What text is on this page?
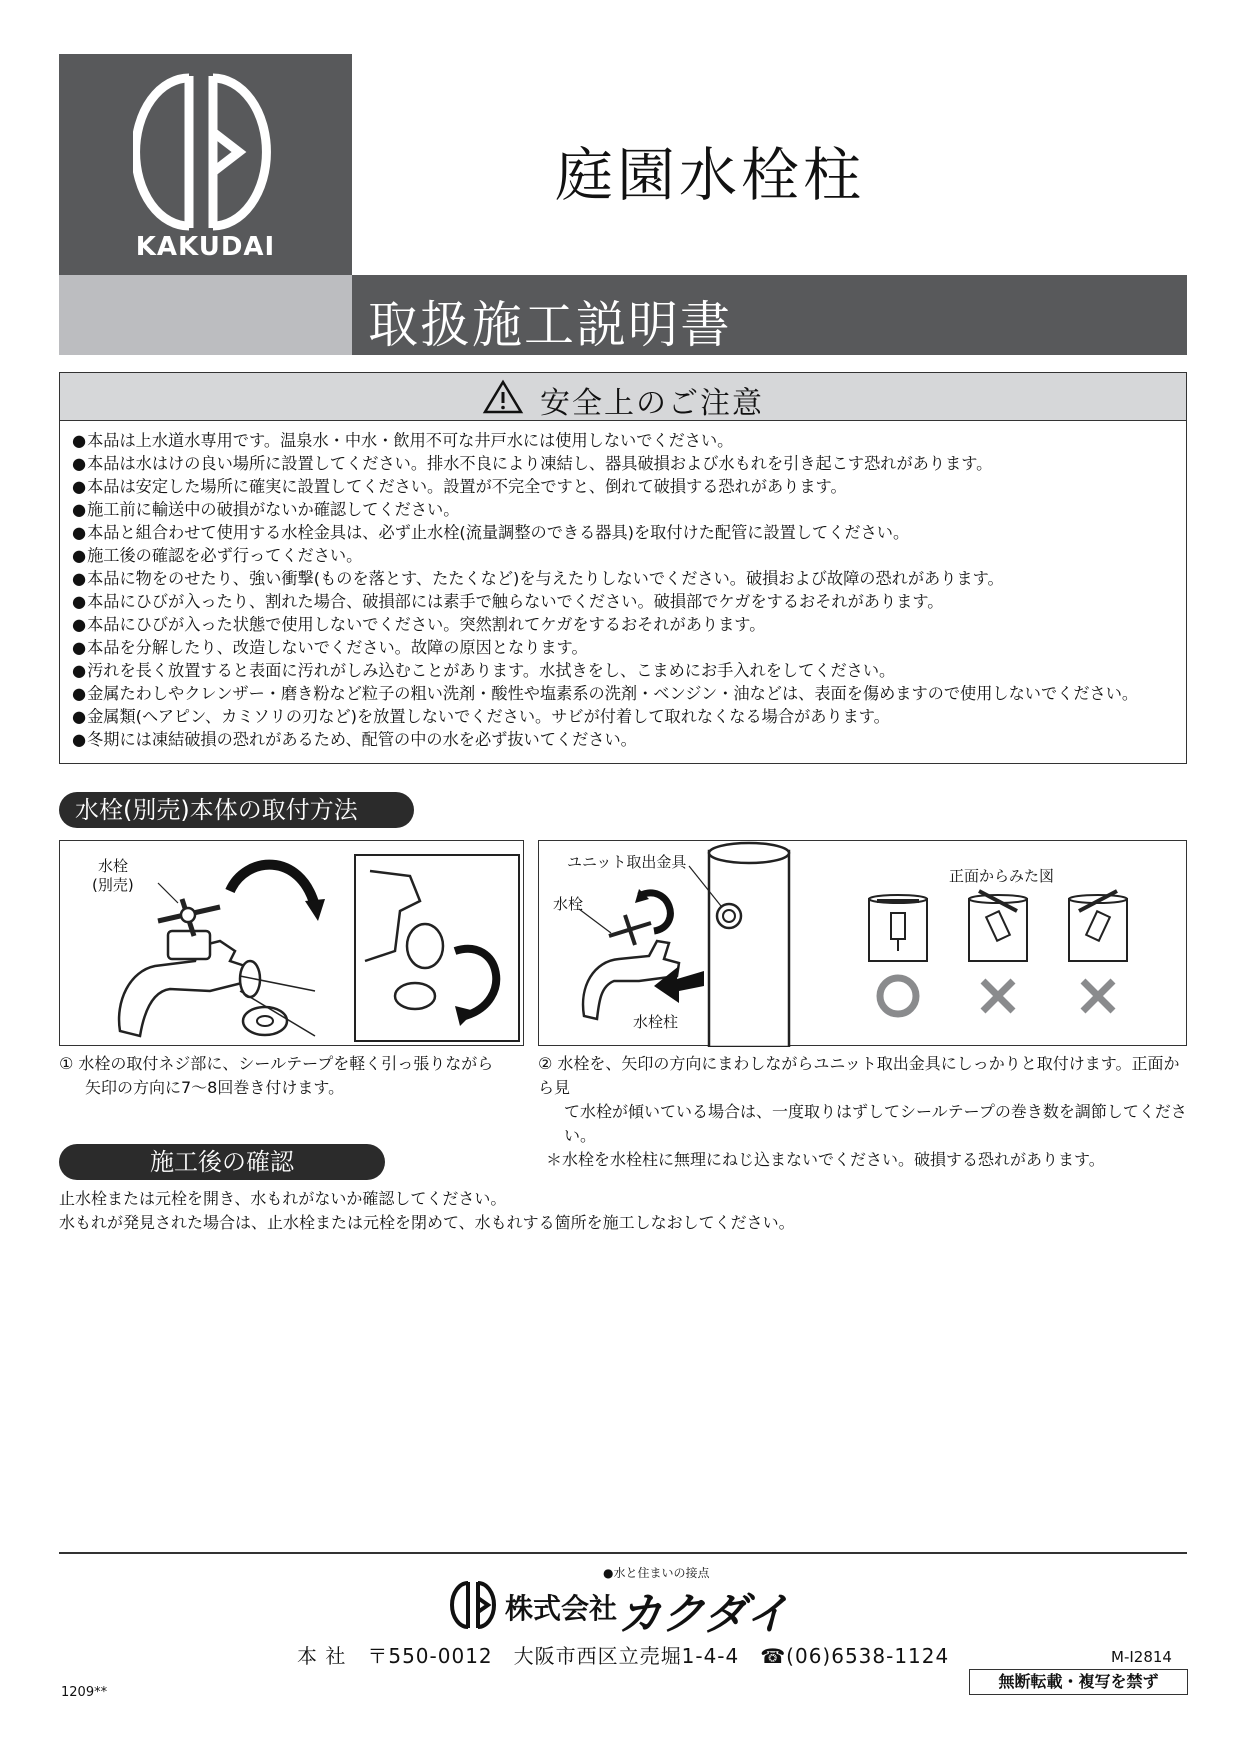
KAKUDAI
庭園水栓柱
取扱施工説明書
安全上のご注意
● 本品は上水道水専用です。温泉水・中水・飲用不可な井戸水には使用しないでください。
● 本品は水はけの良い場所に設置してください。排水不良により凍結し、器具破損および水もれを引き起こす恐れがあります。
● 本品は安定した場所に確実に設置してください。設置が不完全ですと、倒れて破損する恐れがあります。
● 施工前に輸送中の破損がないか確認してください。
● 本品と組合わせて使用する水栓金具は、必ず止水栓(流量調整のできる器具)を取付けた配管に設置してください。
● 施工後の確認を必ず行ってください。
● 本品に物をのせたり、強い衝撃(ものを落とす、たたくなど)を与えたりしないでください。破損および故障の恐れがあります。
● 本品にひびが入ったり、割れた場合、破損部には素手で触らないでください。破損部でケガをするおそれがあります。
● 本品にひびが入った状態で使用しないでください。突然割れてケガをするおそれがあります。
● 本品を分解したり、改造しないでください。故障の原因となります。
● 汚れを長く放置すると表面に汚れがしみ込むことがあります。水拭きをし、こまめにお手入れをしてください。
● 金属たわしやクレンザー・磨き粉など粒子の粗い洗剤・酸性や塩素系の洗剤・ベンジン・油などは、表面を傷めますので使用しないでください。
● 金属類(ヘアピン、カミソリの刃など)を放置しないでください。サビが付着して取れなくなる場合があります。
● 冬期には凍結破損の恐れがあるため、配管の中の水を必ず抜いてください。
水栓(別売)本体の取付方法
水栓
(別売)
ユニット取出金具
水栓
水栓柱
正面からみた図
① 水栓の取付ネジ部に、シールテープを軽く引っ張りながら
矢印の方向に7〜8回巻き付けます。
② 水栓を、矢印の方向にまわしながらユニット取出金具にしっかりと取付けます。正面から見
て水栓が傾いている場合は、一度取りはずしてシールテープの巻き数を調節してください。
＊水栓を水栓柱に無理にねじ込まないでください。破損する恐れがあります。
施工後の確認
止水栓または元栓を開き、水もれがないか確認してください。
水もれが発見された場合は、止水栓または元栓を閉めて、水もれする箇所を施工しなおしてください。
●水と住まいの接点
株式会社 カクダイ
本 社　〒550-0012　大阪市西区立売堀1-4-4　☎(06)6538-1124	M-I2814
無断転載・複写を禁ず
1209**
